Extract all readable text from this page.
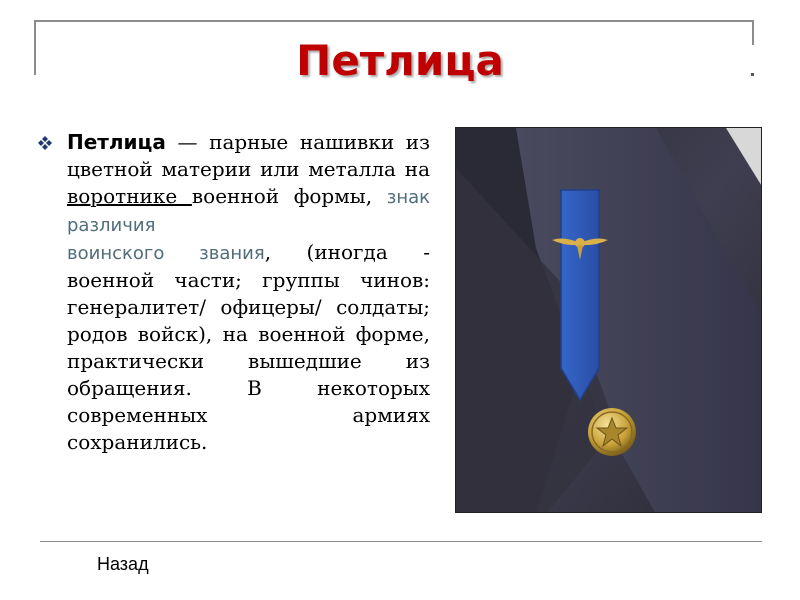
Петлица

Петлица — парные нашивки из цветной материи или металла на воротнике военной формы, знак различия
воинского звания, (иногда - военной части; группы чинов: генералитет/ офицеры/ солдаты; родов войск), на военной форме, практически вышедшие из обращения. В некоторых современных армиях сохранились.

Назад
